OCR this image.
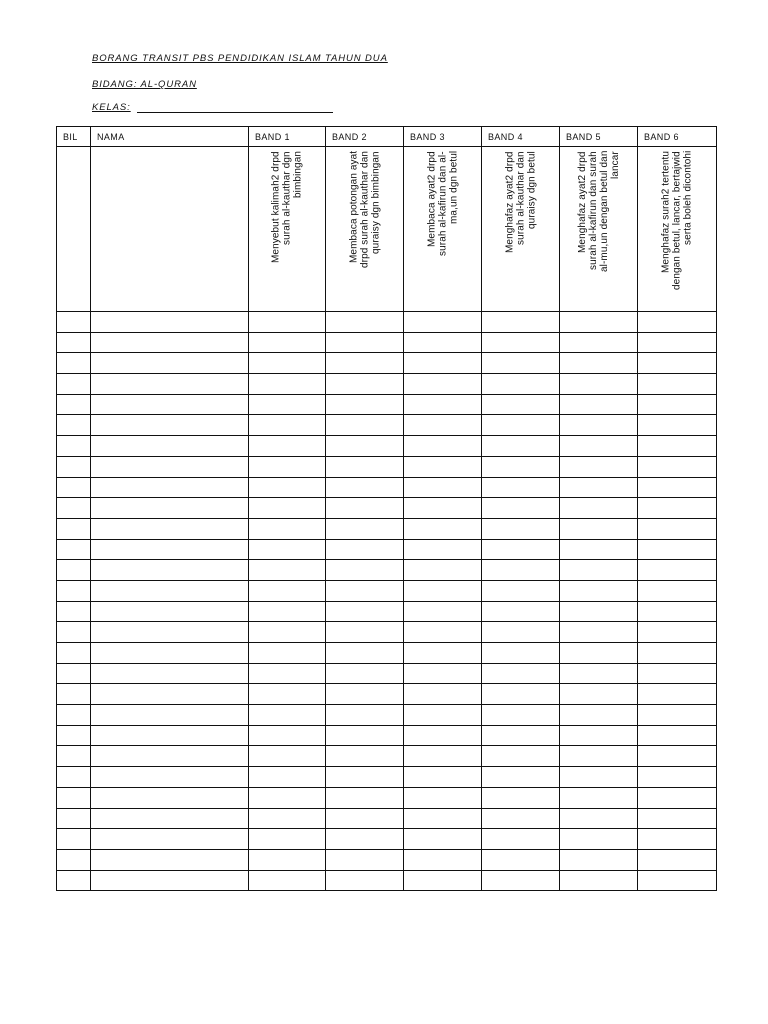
BORANG TRANSIT PBS PENDIDIKAN ISLAM TAHUN DUA
BIDANG: AL-QURAN
KELAS:
BIL	NAMA	BAND 1	BAND 2	BAND 3	BAND 4	BAND 5	BAND 6

		Menyebut kalimah2 drpd
surah al-kauthar dgn
bimbingan	Membaca potongan ayat
drpd surah al-kauthar dan
quraisy dgn bimbingan	Membaca ayat2 drpd
surah al-kafirun dan al-
ma,un dgn betul	Menghafaz ayat2 drpd
surah al-kauthar dan
quraisy dgn betul	Menghafaz ayat2 drpd
surah al-kafirun dan surah
al-mu,un dengan betul dan
lancar	Menghafaz surah2 tertentu
dengan betul, lancar, bertajwid
serta boleh dicontohi
